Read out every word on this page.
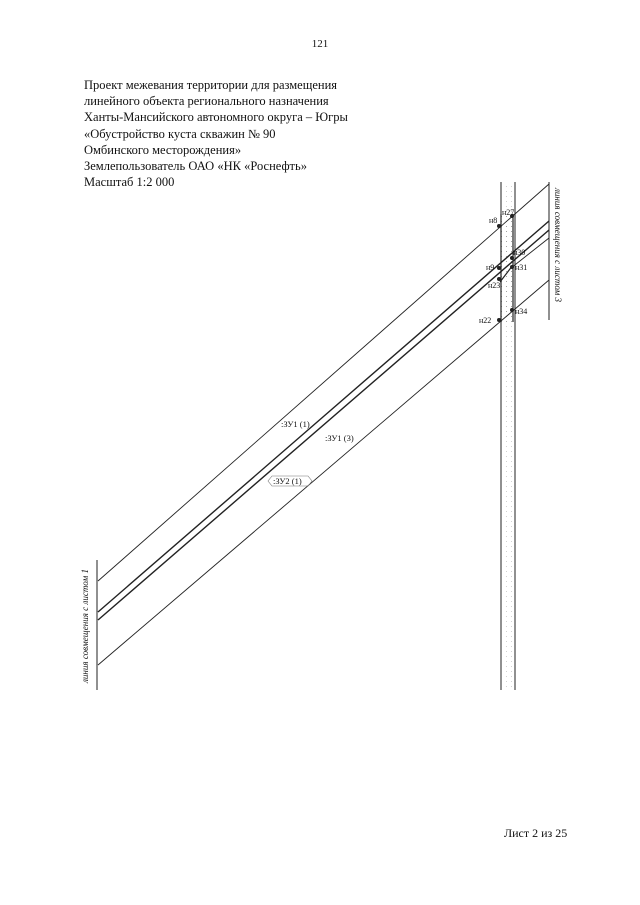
121
Проект межевания территории для размещения
линейного объекта регионального назначения
Ханты-Мансийского автономного округа – Югры
«Обустройство куста скважин № 90
Омбинского месторождения»
Землепользователь ОАО «НК «Роснефть»
Масштаб 1:2 000
линия совмещения с листом 1
линия совмещения с листом 3
н8
н27
н30
н9	н31
н23
н22
н34
:ЗУ1 (1)
:ЗУ1 (3)
:ЗУ2 (1)
Лист 2 из 25
